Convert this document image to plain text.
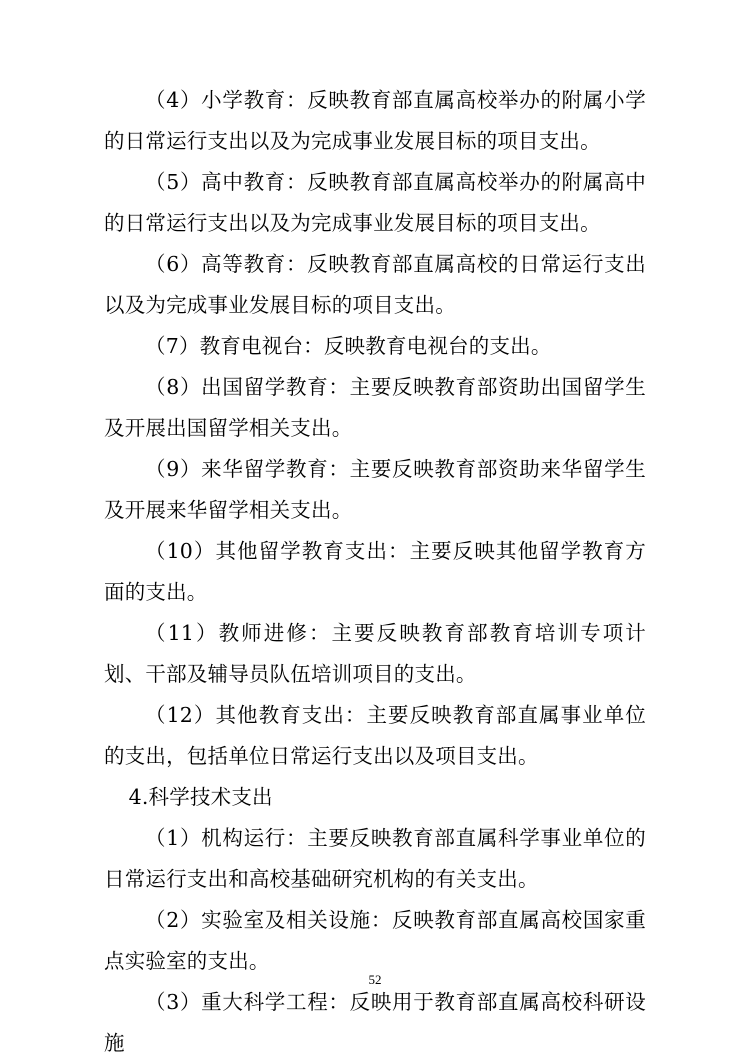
（4）小学教育：反映教育部直属高校举办的附属小学的日常运行支出以及为完成事业发展目标的项目支出。

（5）高中教育：反映教育部直属高校举办的附属高中的日常运行支出以及为完成事业发展目标的项目支出。

（6）高等教育：反映教育部直属高校的日常运行支出以及为完成事业发展目标的项目支出。

（7）教育电视台：反映教育电视台的支出。

（8）出国留学教育：主要反映教育部资助出国留学生及开展出国留学相关支出。

（9）来华留学教育：主要反映教育部资助来华留学生及开展来华留学相关支出。

（10）其他留学教育支出：主要反映其他留学教育方面的支出。

（11）教师进修：主要反映教育部教育培训专项计划、干部及辅导员队伍培训项目的支出。

（12）其他教育支出：主要反映教育部直属事业单位的支出，包括单位日常运行支出以及项目支出。

4.科学技术支出

（1）机构运行：主要反映教育部直属科学事业单位的日常运行支出和高校基础研究机构的有关支出。

（2）实验室及相关设施：反映教育部直属高校国家重点实验室的支出。

（3）重大科学工程：反映用于教育部直属高校科研设施

52
